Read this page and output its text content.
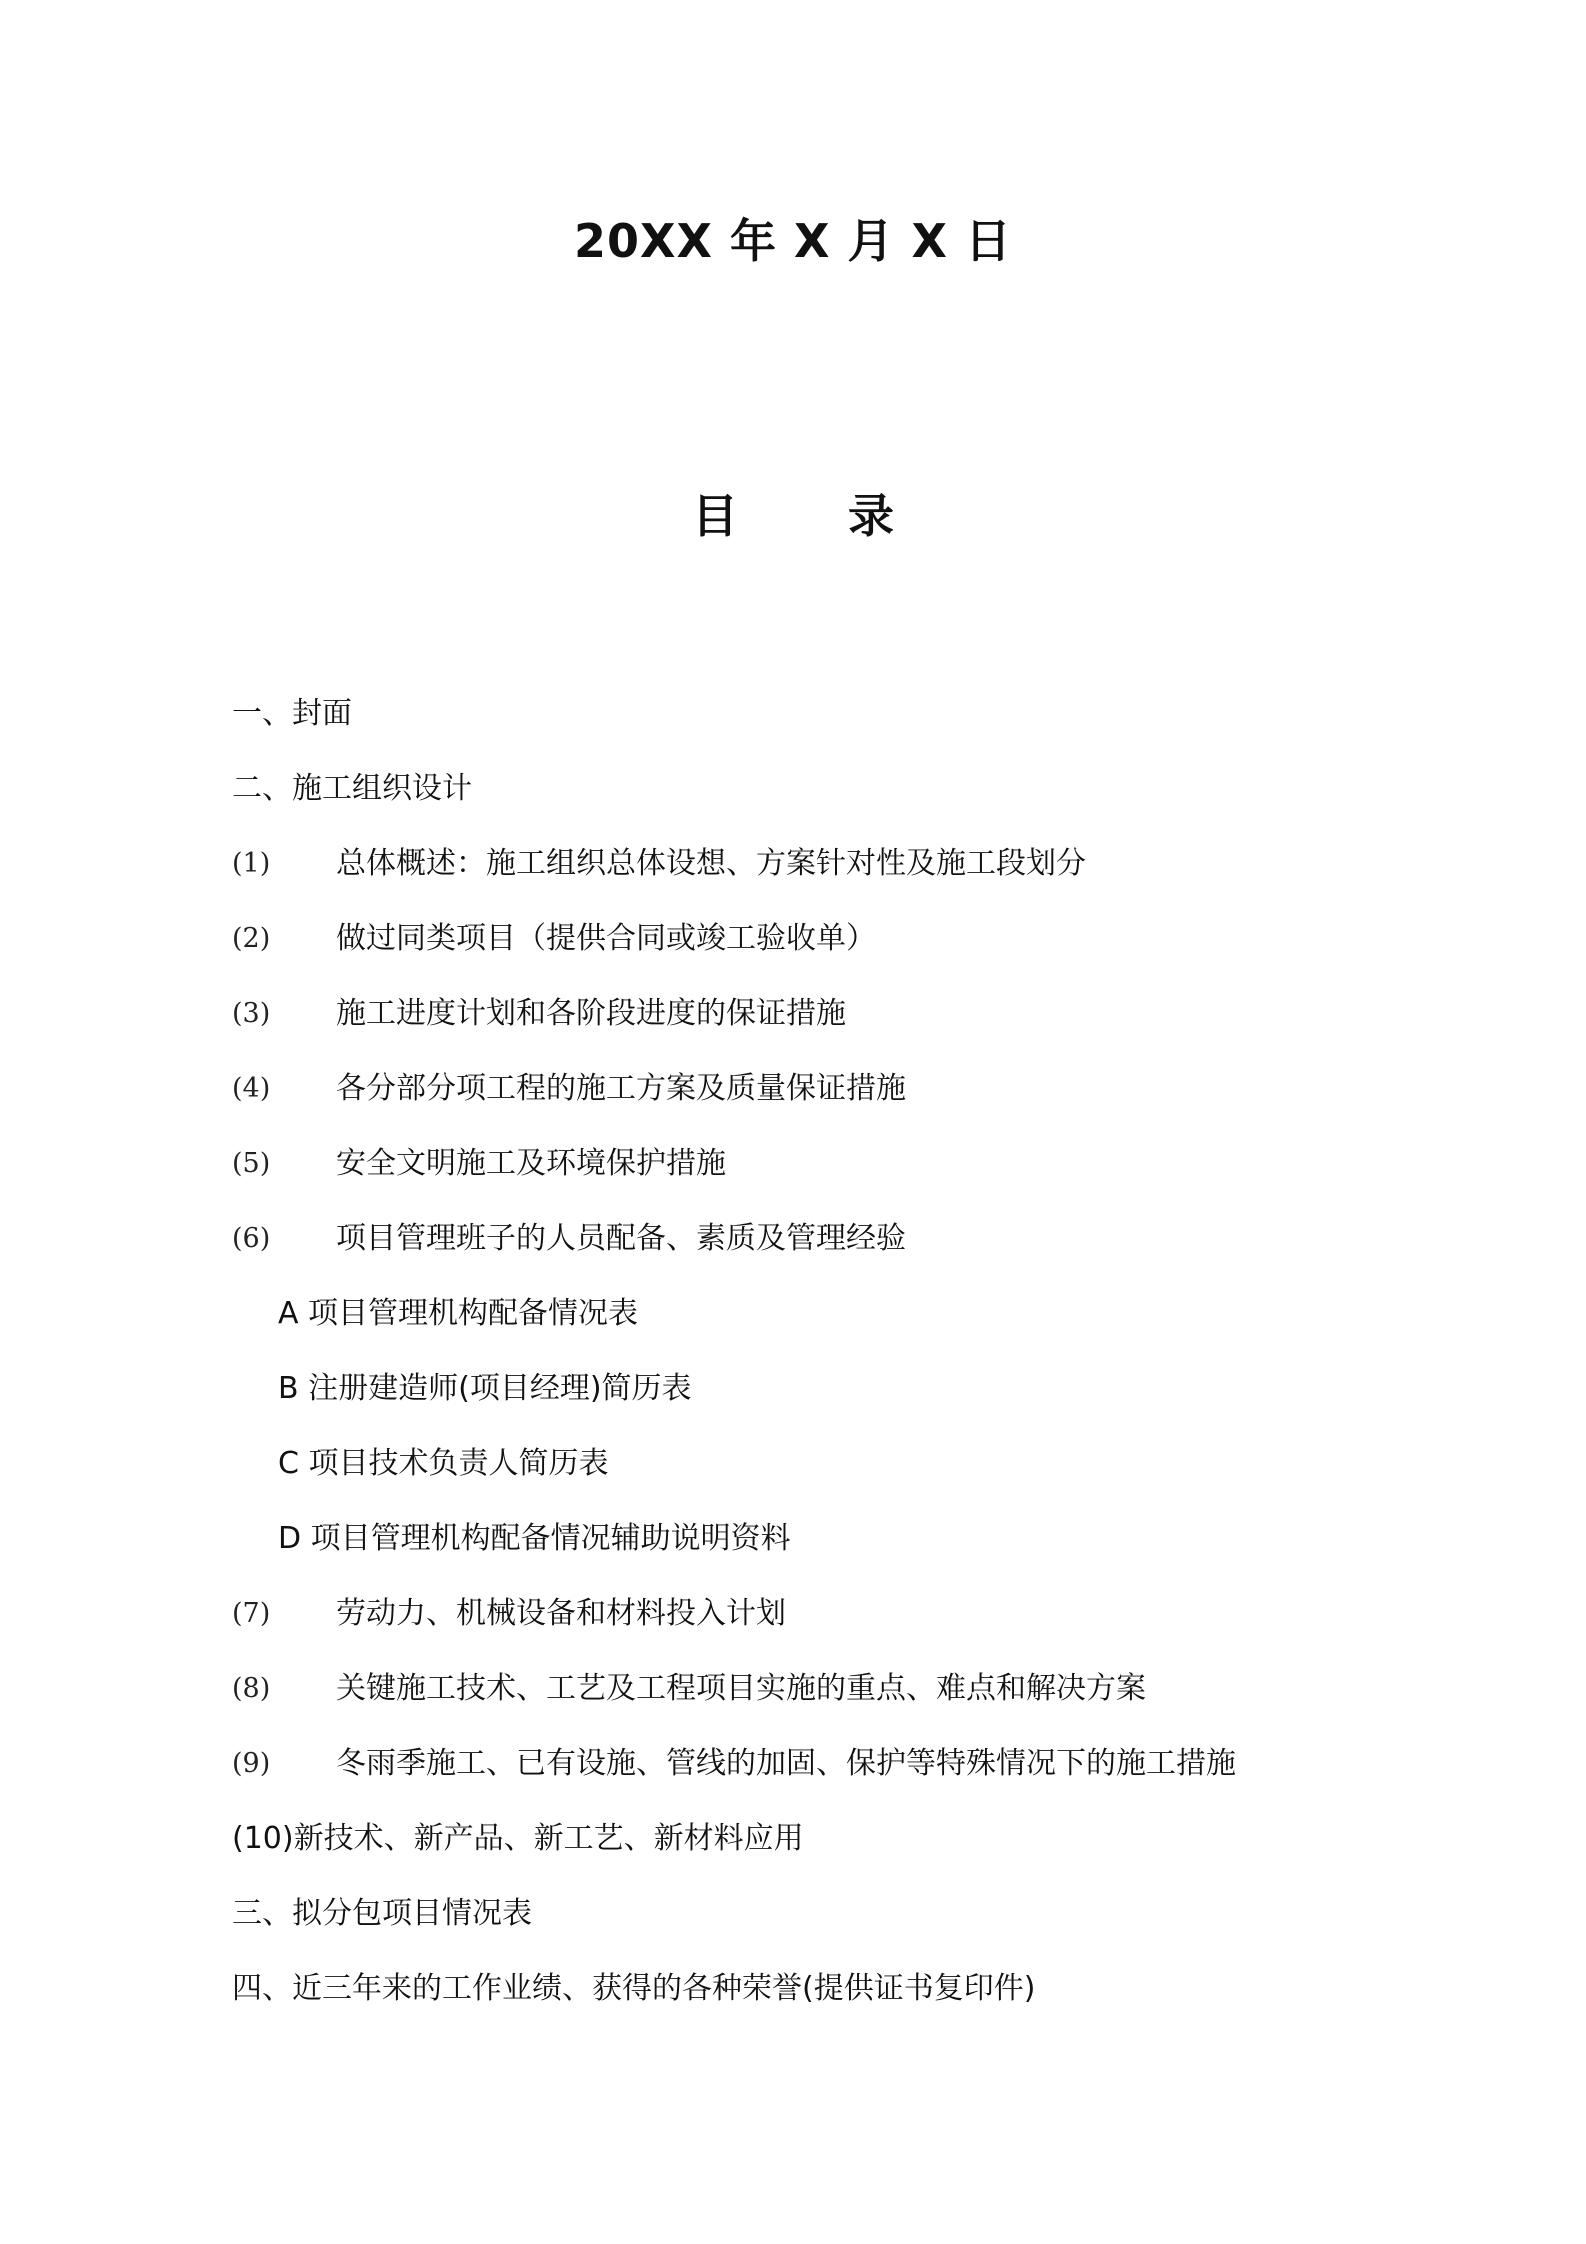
20XX 年 X 月 X 日
目 录
一、封面
二、施工组织设计
(1)	总体概述：施工组织总体设想、方案针对性及施工段划分
(2)	做过同类项目（提供合同或竣工验收单）
(3)	施工进度计划和各阶段进度的保证措施
(4)	各分部分项工程的施工方案及质量保证措施
(5)	安全文明施工及环境保护措施
(6)	项目管理班子的人员配备、素质及管理经验
A 项目管理机构配备情况表
B 注册建造师(项目经理)简历表
C 项目技术负责人简历表
D 项目管理机构配备情况辅助说明资料
(7)	劳动力、机械设备和材料投入计划
(8)	关键施工技术、工艺及工程项目实施的重点、难点和解决方案
(9)	冬雨季施工、已有设施、管线的加固、保护等特殊情况下的施工措施
(10)新技术、新产品、新工艺、新材料应用
三、拟分包项目情况表
四、近三年来的工作业绩、获得的各种荣誉(提供证书复印件)
